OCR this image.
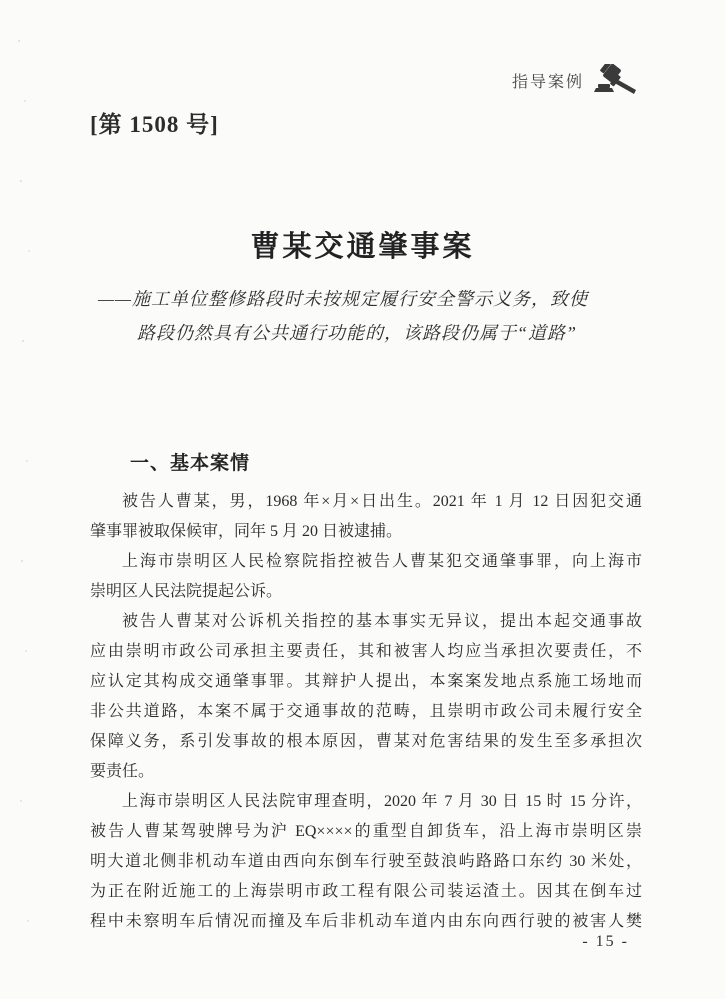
指导案例
[第 1508 号]
曹某交通肇事案
——施工单位整修路段时未按规定履行安全警示义务，致使
路段仍然具有公共通行功能的，该路段仍属于“道路”
一、基本案情
被告人曹某，男，1968 年×月×日出生。2021 年 1 月 12 日因犯交通
肇事罪被取保候审，同年 5 月 20 日被逮捕。
上海市崇明区人民检察院指控被告人曹某犯交通肇事罪，向上海市
崇明区人民法院提起公诉。
被告人曹某对公诉机关指控的基本事实无异议，提出本起交通事故
应由崇明市政公司承担主要责任，其和被害人均应当承担次要责任，不
应认定其构成交通肇事罪。其辩护人提出，本案案发地点系施工场地而
非公共道路，本案不属于交通事故的范畴，且崇明市政公司未履行安全
保障义务，系引发事故的根本原因，曹某对危害结果的发生至多承担次
要责任。
上海市崇明区人民法院审理查明，2020 年 7 月 30 日 15 时 15 分许，
被告人曹某驾驶牌号为沪 EQ××××的重型自卸货车，沿上海市崇明区崇
明大道北侧非机动车道由西向东倒车行驶至鼓浪屿路路口东约 30 米处，
为正在附近施工的上海崇明市政工程有限公司装运渣土。因其在倒车过
程中未察明车后情况而撞及车后非机动车道内由东向西行驶的被害人樊
- 15 -
